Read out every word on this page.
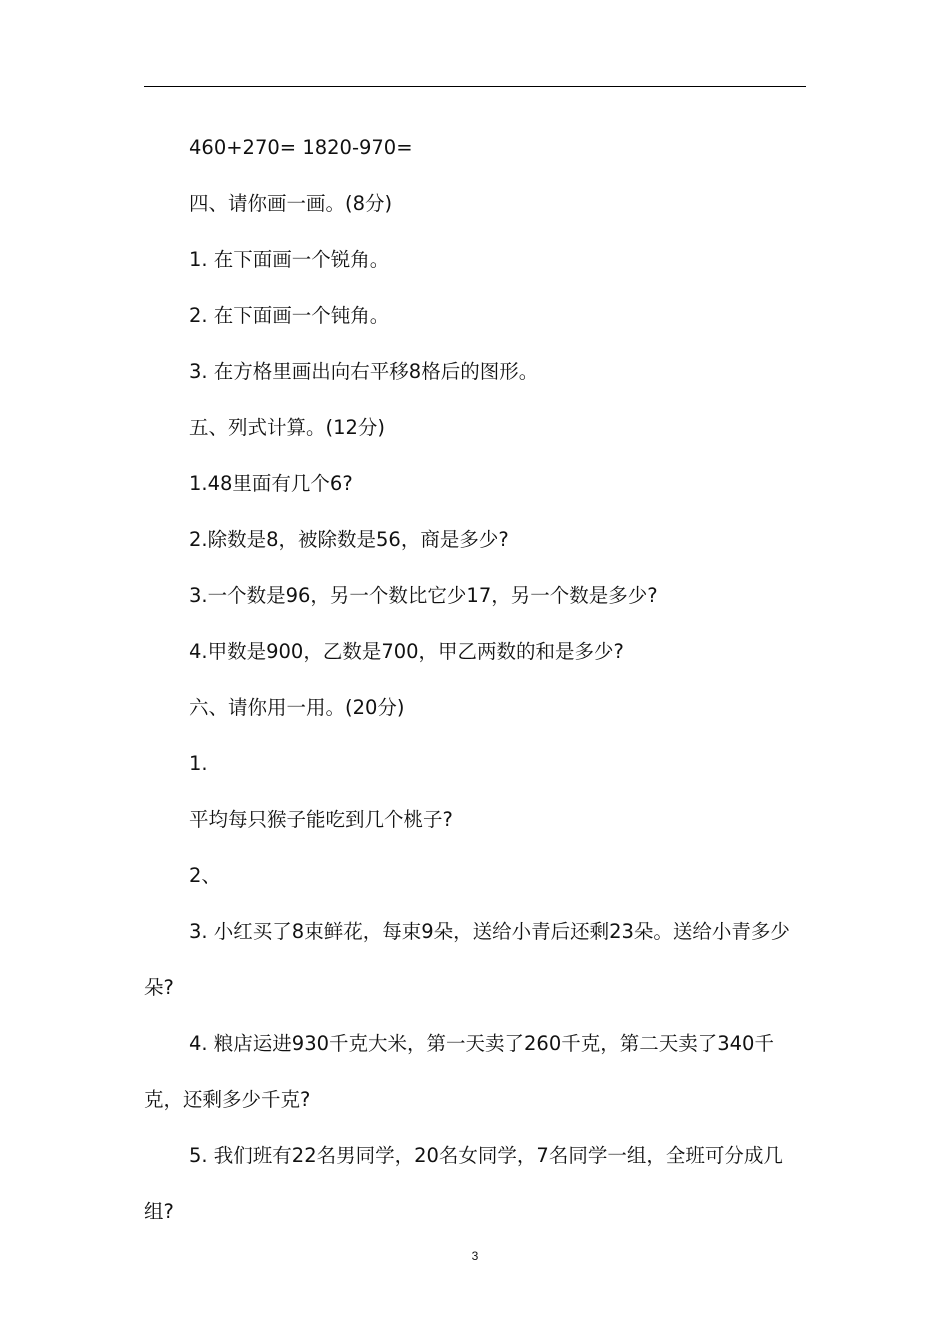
460+270= 1820-970=

四、请你画一画。(8分)

1. 在下面画一个锐角。

2. 在下面画一个钝角。

3. 在方格里画出向右平移8格后的图形。

五、列式计算。(12分)

1.48里面有几个6?

2.除数是8，被除数是56，商是多少?

3.一个数是96，另一个数比它少17，另一个数是多少?

4.甲数是900，乙数是700，甲乙两数的和是多少?

六、请你用一用。(20分)

1.

平均每只猴子能吃到几个桃子?

2、

3. 小红买了8束鲜花，每束9朵，送给小青后还剩23朵。送给小青多少朵?

4. 粮店运进930千克大米，第一天卖了260千克，第二天卖了340千克，还剩多少千克?

5. 我们班有22名男同学，20名女同学，7名同学一组，全班可分成几组?

3
